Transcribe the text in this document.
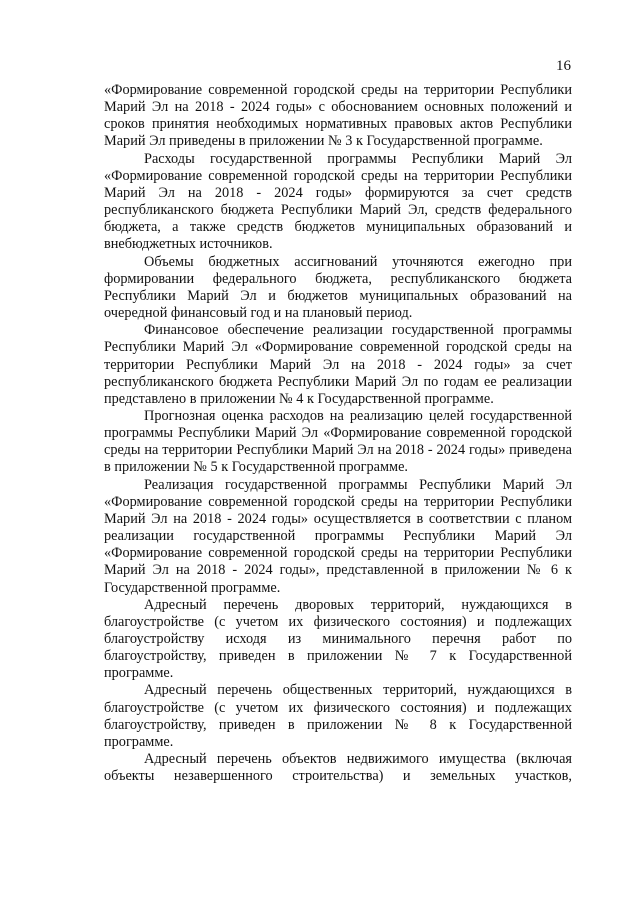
16

«Формирование современной городской среды на территории Республики Марий Эл на 2018 - 2024 годы» с обоснованием основных положений и сроков принятия необходимых нормативных правовых актов Республики Марий Эл приведены в приложении № 3 к Государственной программе.

Расходы государственной программы Республики Марий Эл «Формирование современной городской среды на территории Республики Марий Эл на 2018 - 2024 годы» формируются за счет средств республиканского бюджета Республики Марий Эл, средств федерального бюджета, а также средств бюджетов муниципальных образований и внебюджетных источников.

Объемы бюджетных ассигнований уточняются ежегодно при формировании федерального бюджета, республиканского бюджета Республики Марий Эл и бюджетов муниципальных образований на очередной финансовый год и на плановый период.

Финансовое обеспечение реализации государственной программы Республики Марий Эл «Формирование современной городской среды на территории Республики Марий Эл на 2018 - 2024 годы» за счет республиканского бюджета Республики Марий Эл по годам ее реализации представлено в приложении № 4 к Государственной программе.

Прогнозная оценка расходов на реализацию целей государственной программы Республики Марий Эл «Формирование современной городской среды на территории Республики Марий Эл на 2018 - 2024 годы» приведена в приложении № 5 к Государственной программе.

Реализация государственной программы Республики Марий Эл «Формирование современной городской среды на территории Республики Марий Эл на 2018 - 2024 годы» осуществляется в соответствии с планом реализации государственной программы Республики Марий Эл «Формирование современной городской среды на территории Республики Марий Эл на 2018 - 2024 годы», представленной в приложении № 6 к Государственной программе.

Адресный перечень дворовых территорий, нуждающихся в благоустройстве (с учетом их физического состояния) и подлежащих благоустройству исходя из минимального перечня работ по благоустройству, приведен в приложении № 7 к Государственной программе.

Адресный перечень общественных территорий, нуждающихся в благоустройстве (с учетом их физического состояния) и подлежащих благоустройству, приведен в приложении № 8 к Государственной программе.

Адресный перечень объектов недвижимого имущества (включая объекты незавершенного строительства) и земельных участков,
